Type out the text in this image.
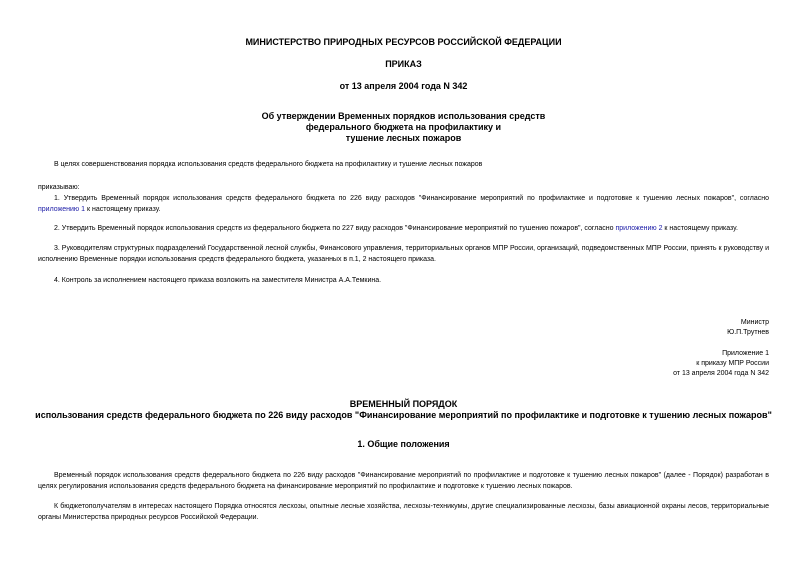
МИНИСТЕРСТВО ПРИРОДНЫХ РЕСУРСОВ РОССИЙСКОЙ ФЕДЕРАЦИИ

ПРИКАЗ

от 13 апреля 2004 года N 342

Об утверждении Временных порядков использования средств
федерального бюджета на профилактику и
тушение лесных пожаров

В целях совершенствования порядка использования средств федерального бюджета на профилактику и тушение лесных пожаров

приказываю:

1. Утвердить Временный порядок использования средств федерального бюджета по 226 виду расходов "Финансирование мероприятий по профилактике и подготовке к тушению лесных пожаров", согласно приложению 1 к настоящему приказу.

2. Утвердить Временный порядок использования средств из федерального бюджета по 227 виду расходов "Финансирование мероприятий по тушению пожаров", согласно приложению 2 к настоящему приказу.

3. Руководителям структурных подразделений Государственной лесной службы, Финансового управления, территориальных органов МПР России, организаций, подведомственных МПР России, принять к руководству и исполнению Временные порядки использования средств федерального бюджета, указанных в п.1, 2 настоящего приказа.

4. Контроль за исполнением настоящего приказа возложить на заместителя Министра А.А.Темкина.

Министр

Ю.П.Трутнев

Приложение 1

к приказу МПР России

от 13 апреля 2004 года N 342

ВРЕМЕННЫЙ ПОРЯДОК

использования средств федерального бюджета по 226 виду расходов "Финансирование мероприятий по профилактике и подготовке к тушению лесных пожаров"

1. Общие положения

Временный порядок использования средств федерального бюджета по 226 виду расходов "Финансирование мероприятий по профилактике и подготовке к тушению лесных пожаров" (далее - Порядок) разработан в целях регулирования использования средств федерального бюджета на финансирование мероприятий по профилактике и подготовке к тушению лесных пожаров.

К бюджетополучателям в интересах настоящего Порядка относятся лесхозы, опытные лесные хозяйства, лесхозы-техникумы, другие специализированные лесхозы, базы авиационной охраны лесов, территориальные органы Министерства природных ресурсов Российской Федерации.
